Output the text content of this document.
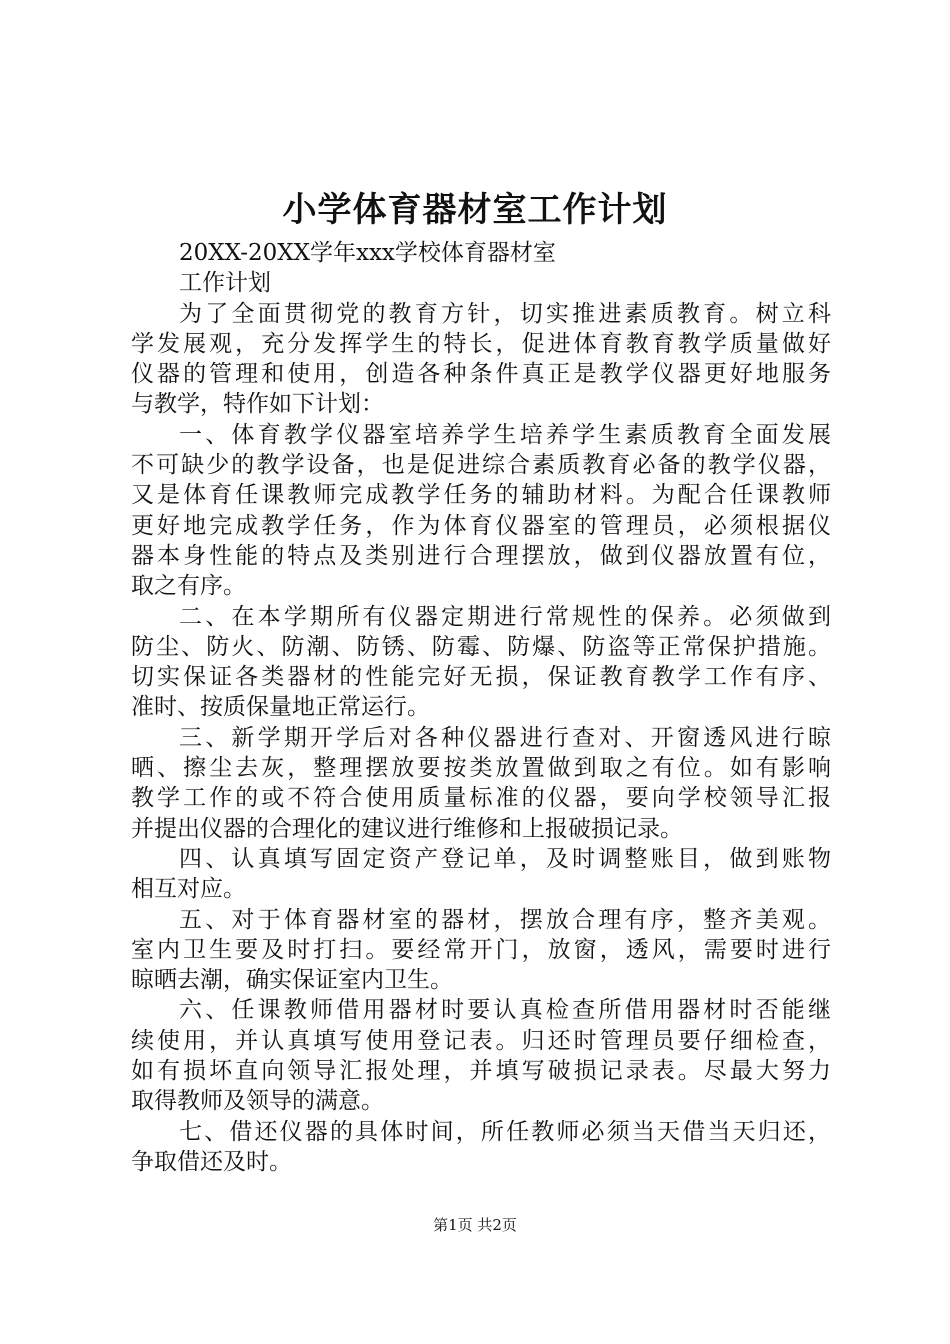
小学体育器材室工作计划
20XX-20XX学年xxx学校体育器材室
工作计划
为了全面贯彻党的教育方针，切实推进素质教育。树立科
学发展观，充分发挥学生的特长，促进体育教育教学质量做好
仪器的管理和使用，创造各种条件真正是教学仪器更好地服务
与教学，特作如下计划：
一、体育教学仪器室培养学生培养学生素质教育全面发展
不可缺少的教学设备，也是促进综合素质教育必备的教学仪器，
又是体育任课教师完成教学任务的辅助材料。为配合任课教师
更好地完成教学任务，作为体育仪器室的管理员，必须根据仪
器本身性能的特点及类别进行合理摆放，做到仪器放置有位，
取之有序。
二、在本学期所有仪器定期进行常规性的保养。必须做到
防尘、防火、防潮、防锈、防霉、防爆、防盗等正常保护措施。
切实保证各类器材的性能完好无损，保证教育教学工作有序、
准时、按质保量地正常运行。
三、新学期开学后对各种仪器进行查对、开窗透风进行晾
晒、擦尘去灰，整理摆放要按类放置做到取之有位。如有影响
教学工作的或不符合使用质量标准的仪器，要向学校领导汇报
并提出仪器的合理化的建议进行维修和上报破损记录。
四、认真填写固定资产登记单，及时调整账目，做到账物
相互对应。
五、对于体育器材室的器材，摆放合理有序，整齐美观。
室内卫生要及时打扫。要经常开门，放窗，透风，需要时进行
晾晒去潮，确实保证室内卫生。
六、任课教师借用器材时要认真检查所借用器材时否能继
续使用，并认真填写使用登记表。归还时管理员要仔细检查，
如有损坏直向领导汇报处理，并填写破损记录表。尽最大努力
取得教师及领导的满意。
七、借还仪器的具体时间，所任教师必须当天借当天归还，
争取借还及时。
第1页 共2页
